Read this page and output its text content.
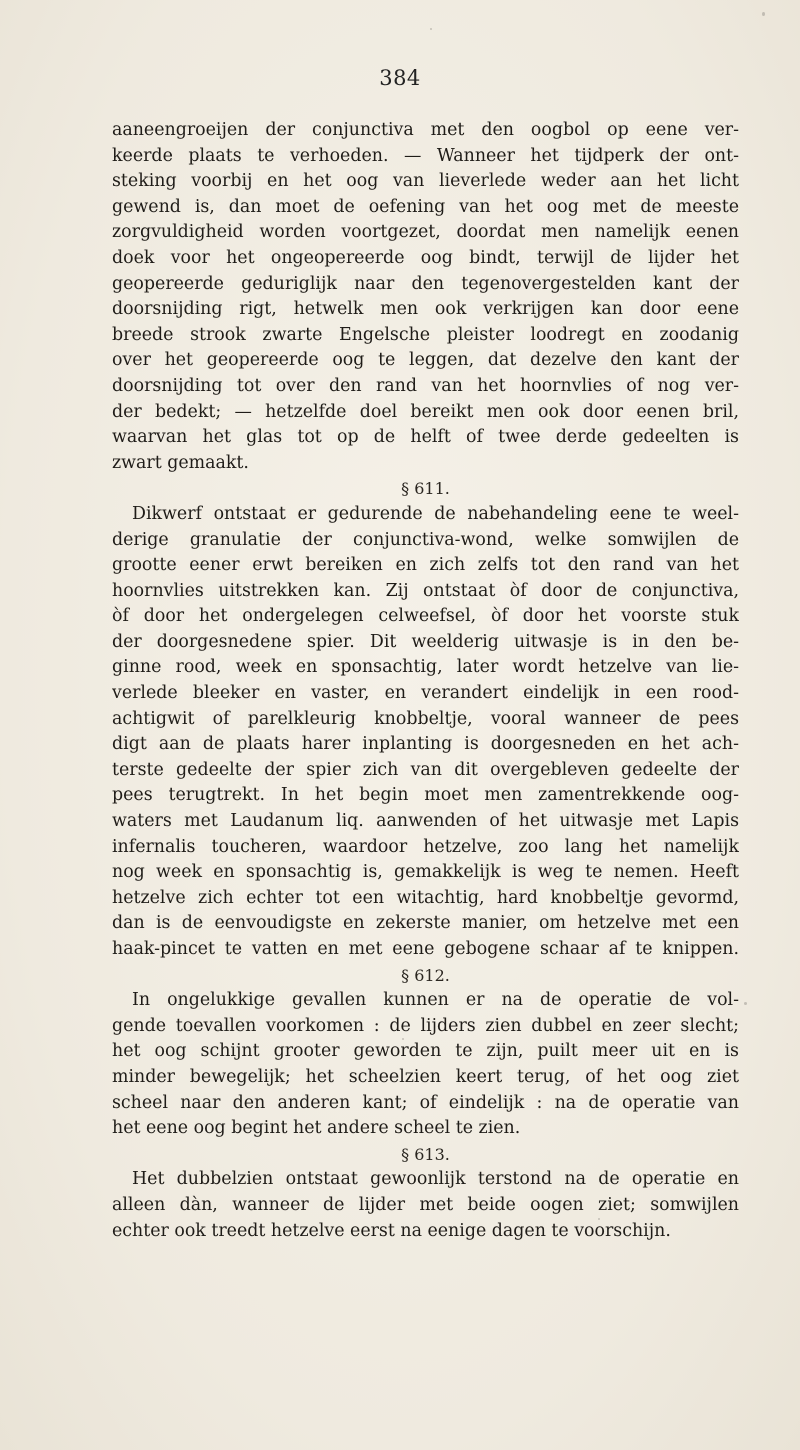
384
aaneengroeijen der conjunctiva met den oogbol op eene ver-
keerde plaats te verhoeden. — Wanneer het tijdperk der ont-
steking voorbij en het oog van lieverlede weder aan het licht
gewend is, dan moet de oefening van het oog met de meeste
zorgvuldigheid worden voortgezet, doordat men namelijk eenen
doek voor het ongeopereerde oog bindt, terwijl de lijder het
geopereerde geduriglijk naar den tegenovergestelden kant der
doorsnijding rigt, hetwelk men ook verkrijgen kan door eene
breede strook zwarte Engelsche pleister loodregt en zoodanig
over het geopereerde oog te leggen, dat dezelve den kant der
doorsnijding tot over den rand van het hoornvlies of nog ver-
der bedekt; — hetzelfde doel bereikt men ook door eenen bril,
waarvan het glas tot op de helft of twee derde gedeelten is
zwart gemaakt.
§ 611.
Dikwerf ontstaat er gedurende de nabehandeling eene te weel-
derige granulatie der conjunctiva-wond, welke somwijlen de
grootte eener erwt bereiken en zich zelfs tot den rand van het
hoornvlies uitstrekken kan. Zij ontstaat òf door de conjunctiva,
òf door het ondergelegen celweefsel, òf door het voorste stuk
der doorgesnedene spier. Dit weelderig uitwasje is in den be-
ginne rood, week en sponsachtig, later wordt hetzelve van lie-
verlede bleeker en vaster, en verandert eindelijk in een rood-
achtigwit of parelkleurig knobbeltje, vooral wanneer de pees
digt aan de plaats harer inplanting is doorgesneden en het ach-
terste gedeelte der spier zich van dit overgebleven gedeelte der
pees terugtrekt. In het begin moet men zamentrekkende oog-
waters met Laudanum liq. aanwenden of het uitwasje met Lapis
infernalis toucheren, waardoor hetzelve, zoo lang het namelijk
nog week en sponsachtig is, gemakkelijk is weg te nemen. Heeft
hetzelve zich echter tot een witachtig, hard knobbeltje gevormd,
dan is de eenvoudigste en zekerste manier, om hetzelve met een
haak-pincet te vatten en met eene gebogene schaar af te knippen.
§ 612.
In ongelukkige gevallen kunnen er na de operatie de vol-
gende toevallen voorkomen : de lijders zien dubbel en zeer slecht;
het oog schijnt grooter geworden te zijn, puilt meer uit en is
minder bewegelijk; het scheelzien keert terug, of het oog ziet
scheel naar den anderen kant; of eindelijk : na de operatie van
het eene oog begint het andere scheel te zien.
§ 613.
Het dubbelzien ontstaat gewoonlijk terstond na de operatie en
alleen dàn, wanneer de lijder met beide oogen ziet; somwijlen
echter ook treedt hetzelve eerst na eenige dagen te voorschijn.
